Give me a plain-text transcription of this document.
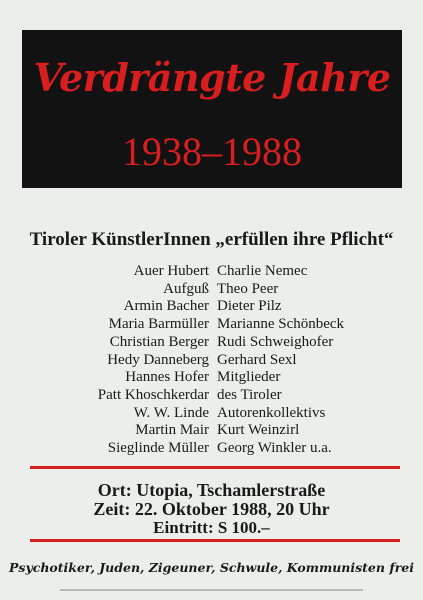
Verdrängte Jahre
1938–1988
Tiroler KünstlerInnen „erfüllen ihre Pflicht“
Auer Hubert
Aufguß
Armin Bacher
Maria Barmüller
Christian Berger
Hedy Danneberg
Hannes Hofer
Patt Khoschkerdar
W. W. Linde
Martin Mair
Sieglinde Müller
Charlie Nemec
Theo Peer
Dieter Pilz
Marianne Schönbeck
Rudi Schweighofer
Gerhard Sexl
Mitglieder
des Tiroler
Autorenkollektivs
Kurt Weinzirl
Georg Winkler u.a.
Ort: Utopia, Tschamlerstraße
Zeit: 22. Oktober 1988, 20 Uhr
Eintritt: S 100.–
Psychotiker, Juden, Zigeuner, Schwule, Kommunisten frei
